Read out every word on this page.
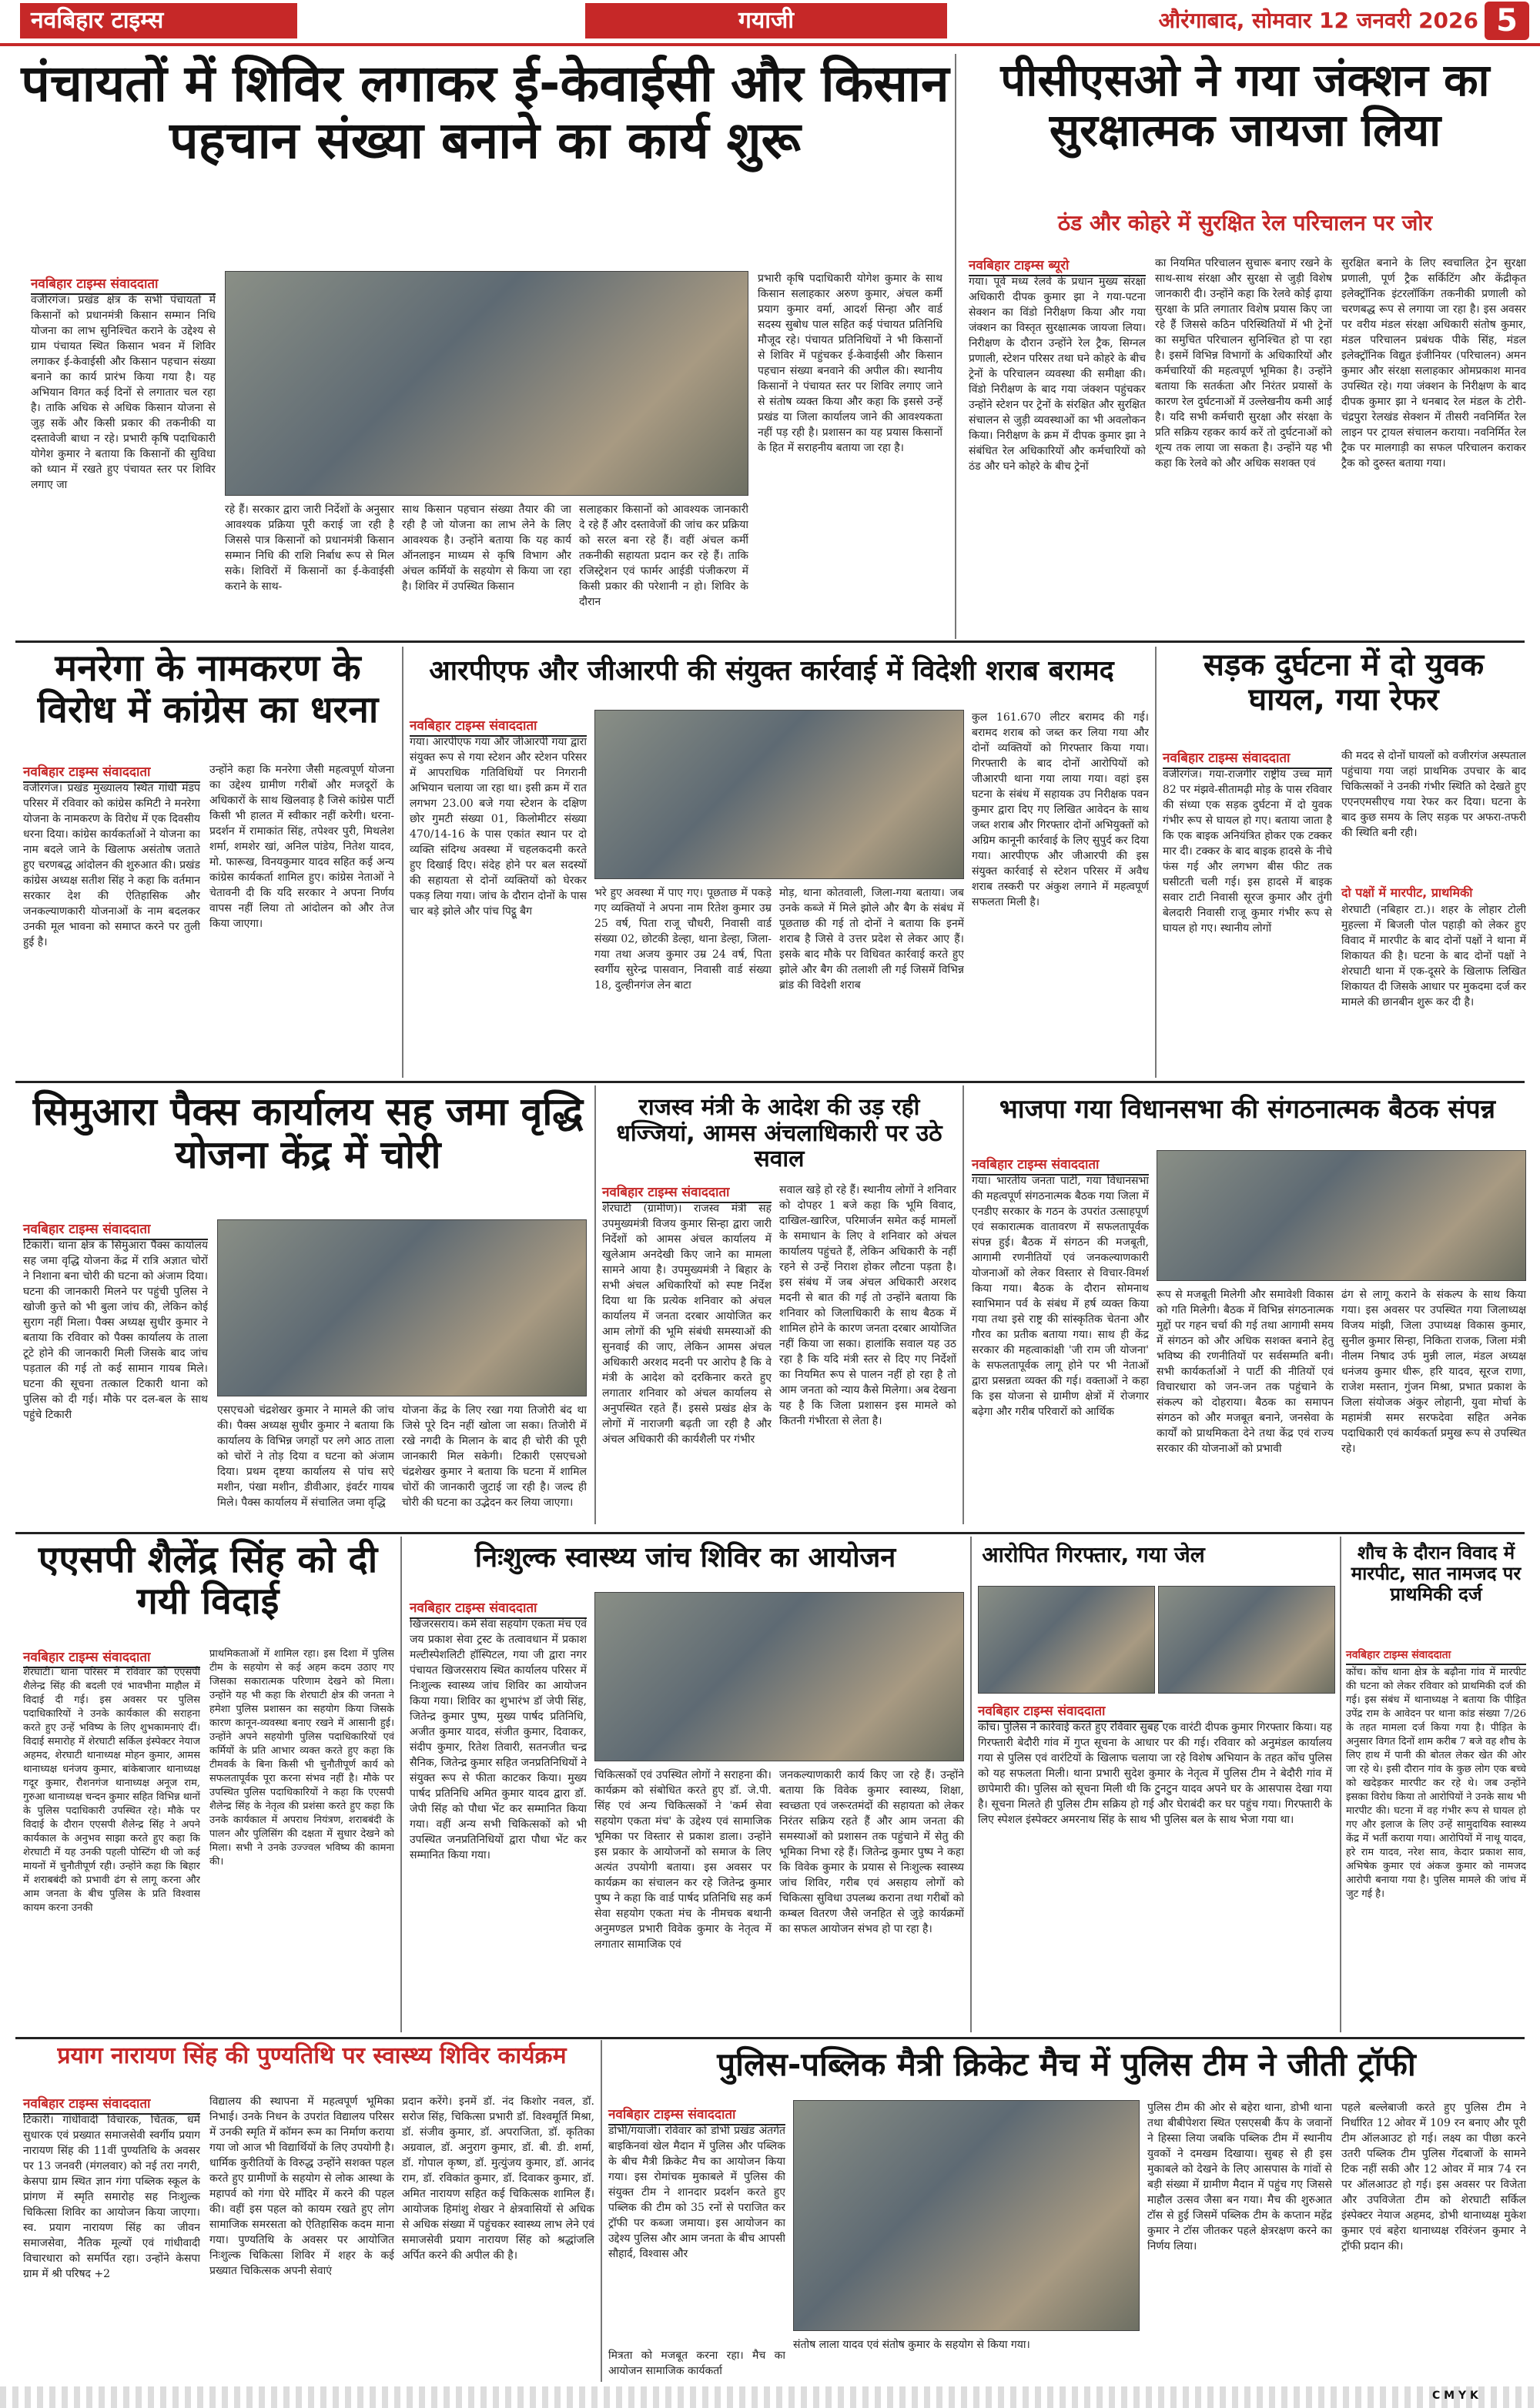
नवबिहार टाइम्स	गयाजी	औरंगाबाद, सोमवार 12 जनवरी 2026 5
पंचायतों में शिविर लगाकर ई-केवाईसी और किसान पहचान संख्या बनाने का कार्य शुरू
नवबिहार टाइम्स संवाददाता
वजीरगंज। प्रखंड क्षेत्र के सभी पंचायतों में किसानों को प्रधानमंत्री किसान सम्मान निधि योजना का लाभ सुनिश्चित कराने के उद्देश्य से ग्राम पंचायत स्थित किसान भवन में शिविर लगाकर ई-केवाईसी और किसान पहचान संख्या बनाने का कार्य प्रारंभ किया गया है। यह अभियान विगत कई दिनों से लगातार चल रहा है। ताकि अधिक से अधिक किसान योजना से जुड़ सकें और किसी प्रकार की तकनीकी या दस्तावेजी बाधा न रहे। प्रभारी कृषि पदाधिकारी योगेश कुमार ने बताया कि किसानों की सुविधा को ध्यान में रखते हुए पंचायत स्तर पर शिविर लगाए जा
रहे हैं। सरकार द्वारा जारी निर्देशों के अनुसार आवश्यक प्रक्रिया पूरी कराई जा रही है जिससे पात्र किसानों को प्रधानमंत्री किसान सम्मान निधि की राशि निर्बाध रूप से मिल सके। शिविरों में किसानों का ई-केवाईसी कराने के साथ-
साथ किसान पहचान संख्या तैयार की जा रही है जो योजना का लाभ लेने के लिए आवश्यक है। उन्होंने बताया कि यह कार्य ऑनलाइन माध्यम से कृषि विभाग और अंचल कर्मियों के सहयोग से किया जा रहा है। शिविर में उपस्थित किसान
सलाहकार किसानों को आवश्यक जानकारी दे रहे हैं और दस्तावेजों की जांच कर प्रक्रिया को सरल बना रहे हैं। वहीं अंचल कर्मी तकनीकी सहायता प्रदान कर रहे हैं। ताकि रजिस्ट्रेशन एवं फार्मर आईडी पंजीकरण में किसी प्रकार की परेशानी न हो। शिविर के दौरान
प्रभारी कृषि पदाधिकारी योगेश कुमार के साथ किसान सलाहकार अरुण कुमार, अंचल कर्मी प्रयाग कुमार वर्मा, आदर्श सिन्हा और वार्ड सदस्य सुबोध पाल सहित कई पंचायत प्रतिनिधि मौजूद रहे। पंचायत प्रतिनिधियों ने भी किसानों से शिविर में पहुंचकर ई-केवाईसी और किसान पहचान संख्या बनवाने की अपील की। स्थानीय किसानों ने पंचायत स्तर पर शिविर लगाए जाने से संतोष व्यक्त किया और कहा कि इससे उन्हें प्रखंड या जिला कार्यालय जाने की आवश्यकता नहीं पड़ रही है। प्रशासन का यह प्रयास किसानों के हित में सराहनीय बताया जा रहा है।
पीसीएसओ ने गया जंक्शन का सुरक्षात्मक जायजा लिया
ठंड और कोहरे में सुरक्षित रेल परिचालन पर जोर
नवबिहार टाइम्स ब्यूरो
गया। पूर्व मध्य रेलवे के प्रधान मुख्य संरक्षा अधिकारी दीपक कुमार झा ने गया-पटना सेक्शन का विंडो निरीक्षण किया और गया जंक्शन का विस्तृत सुरक्षात्मक जायजा लिया। निरीक्षण के दौरान उन्होंने रेल ट्रैक, सिग्नल प्रणाली, स्टेशन परिसर तथा घने कोहरे के बीच ट्रेनों के परिचालन व्यवस्था की समीक्षा की। विंडो निरीक्षण के बाद गया जंक्शन पहुंचकर उन्होंने स्टेशन पर ट्रेनों के संरक्षित और सुरक्षित संचालन से जुड़ी व्यवस्थाओं का भी अवलोकन किया। निरीक्षण के क्रम में दीपक कुमार झा ने संबंधित रेल अधिकारियों और कर्मचारियों को ठंड और घने कोहरे के बीच ट्रेनों
का नियमित परिचालन सुचारू बनाए रखने के साथ-साथ संरक्षा और सुरक्षा से जुड़ी विशेष जानकारी दी। उन्होंने कहा कि रेलवे कोई ढ़ाया सुरक्षा के प्रति लगातार विशेष प्रयास किए जा रहे हैं जिससे कठिन परिस्थितियों में भी ट्रेनों का समुचित परिचालन सुनिश्चित हो पा रहा है। इसमें विभिन्न विभागों के अधिकारियों और कर्मचारियों की महत्वपूर्ण भूमिका है। उन्होंने बताया कि सतर्कता और निरंतर प्रयासों के कारण रेल दुर्घटनाओं में उल्लेखनीय कमी आई है। यदि सभी कर्मचारी सुरक्षा और संरक्षा के प्रति सक्रिय रहकर कार्य करें तो दुर्घटनाओं को शून्य तक लाया जा सकता है। उन्होंने यह भी कहा कि रेलवे को और अधिक सशक्त एवं
सुरक्षित बनाने के लिए स्वचालित ट्रेन सुरक्षा प्रणाली, पूर्ण ट्रैक सर्किटिंग और केंद्रीकृत इलेक्ट्रॉनिक इंटरलॉकिंग तकनीकी प्रणाली को चरणबद्ध रूप से लगाया जा रहा है। इस अवसर पर वरीय मंडल संरक्षा अधिकारी संतोष कुमार, मंडल परिचालन प्रबंधक पीके सिंह, मंडल इलेक्ट्रॉनिक विद्युत इंजीनियर (परिचालन) अमन कुमार और संरक्षा सलाहकार ओमप्रकाश मानव उपस्थित रहे। गया जंक्शन के निरीक्षण के बाद दीपक कुमार झा ने धनबाद रेल मंडल के टोरी-चंद्रपुरा रेलखंड सेक्शन में तीसरी नवनिर्मित रेल लाइन पर ट्रायल संचालन कराया। नवनिर्मित रेल ट्रैक पर मालगाड़ी का सफल परिचालन कराकर ट्रैक को दुरुस्त बताया गया।
मनरेगा के नामकरण के विरोध में कांग्रेस का धरना
नवबिहार टाइम्स संवाददाता
वजीरगंज। प्रखंड मुख्यालय स्थित गांधी मंडप परिसर में रविवार को कांग्रेस कमिटी ने मनरेगा योजना के नामकरण के विरोध में एक दिवसीय धरना दिया। कांग्रेस कार्यकर्ताओं ने योजना का नाम बदले जाने के खिलाफ असंतोष जताते हुए चरणबद्ध आंदोलन की शुरुआत की। प्रखंड कांग्रेस अध्यक्ष सतीश सिंह ने कहा कि वर्तमान सरकार देश की ऐतिहासिक और जनकल्याणकारी योजनाओं के नाम बदलकर उनकी मूल भावना को समाप्त करने पर तुली हुई है।
उन्होंने कहा कि मनरेगा जैसी महत्वपूर्ण योजना का उद्देश्य ग्रामीण गरीबों और मजदूरों के अधिकारों के साथ खिलवाड़ है जिसे कांग्रेस पार्टी किसी भी हालत में स्वीकार नहीं करेगी। धरना-प्रदर्शन में रामाकांत सिंह, तपेश्वर पुरी, मिथलेश शर्मा, शमशेर खां, अनिल पांडेय, नितेश यादव, मो. फारूख, विनयकुमार यादव सहित कई अन्य कांग्रेस कार्यकर्ता शामिल हुए। कांग्रेस नेताओं ने चेतावनी दी कि यदि सरकार ने अपना निर्णय वापस नहीं लिया तो आंदोलन को और तेज किया जाएगा।
आरपीएफ और जीआरपी की संयुक्त कार्रवाई में विदेशी शराब बरामद
नवबिहार टाइम्स संवाददाता
गया। आरपीएफ गया और जीआरपी गया द्वारा संयुक्त रूप से गया स्टेशन और स्टेशन परिसर में आपराधिक गतिविधियों पर निगरानी अभियान चलाया जा रहा था। इसी क्रम में रात लगभग 23.00 बजे गया स्टेशन के दक्षिण छोर गुमटी संख्या 01, किलोमीटर संख्या 470/14-16 के पास एकांत स्थान पर दो व्यक्ति संदिग्ध अवस्था में चहलकदमी करते हुए दिखाई दिए। संदेह होने पर बल सदस्यों की सहायता से दोनों व्यक्तियों को घेरकर पकड़ लिया गया। जांच के दौरान दोनों के पास चार बड़े झोले और पांच पिट्ठू बैग
भरे हुए अवस्था में पाए गए। पूछताछ में पकड़े गए व्यक्तियों ने अपना नाम रितेश कुमार उम्र 25 वर्ष, पिता राजू चौधरी, निवासी वार्ड संख्या 02, छोटकी डेल्हा, थाना डेल्हा, जिला-गया तथा अजय कुमार उम्र 24 वर्ष, पिता स्वर्गीय सुरेन्द्र पासवान, निवासी वार्ड संख्या 18, दुल्हीनगंज लेन बाटा
मोड़, थाना कोतवाली, जिला-गया बताया। जब उनके कब्जे में मिले झोले और बैग के संबंध में पूछताछ की गई तो दोनों ने बताया कि इनमें शराब है जिसे वे उत्तर प्रदेश से लेकर आए हैं। इसके बाद मौके पर विधिवत कार्रवाई करते हुए झोले और बैग की तलाशी ली गई जिसमें विभिन्न ब्रांड की विदेशी शराब
कुल 161.670 लीटर बरामद की गई। बरामद शराब को जब्त कर लिया गया और दोनों व्यक्तियों को गिरफ्तार किया गया। गिरफ्तारी के बाद दोनों आरोपियों को जीआरपी थाना गया लाया गया। वहां इस घटना के संबंध में सहायक उप निरीक्षक पवन कुमार द्वारा दिए गए लिखित आवेदन के साथ जब्त शराब और गिरफ्तार दोनों अभियुक्तों को अग्रिम कानूनी कार्रवाई के लिए सुपुर्द कर दिया गया। आरपीएफ और जीआरपी की इस संयुक्त कार्रवाई से स्टेशन परिसर में अवैध शराब तस्करी पर अंकुश लगाने में महत्वपूर्ण सफलता मिली है।
सड़क दुर्घटना में दो युवक घायल, गया रेफर
नवबिहार टाइम्स संवाददाता
वजीरगंज। गया-राजगीर राष्ट्रीय उच्च मार्ग 82 पर मंझवे-सीतामढ़ी मोड़ के पास रविवार की संध्या एक सड़क दुर्घटना में दो युवक गंभीर रूप से घायल हो गए। बताया जाता है कि एक बाइक अनियंत्रित होकर एक टक्कर मार दी। टक्कर के बाद बाइक हादसे के नीचे फंस गई और लगभग बीस फीट तक घसीटती चली गई। इस हादसे में बाइक सवार टाटी निवासी सूरज कुमार और तुंगी बेलदारी निवासी राजू कुमार गंभीर रूप से घायल हो गए। स्थानीय लोगों
की मदद से दोनों घायलों को वजीरगंज अस्पताल पहुंचाया गया जहां प्राथमिक उपचार के बाद चिकित्सकों ने उनकी गंभीर स्थिति को देखते हुए एएनएमसीएच गया रेफर कर दिया। घटना के बाद कुछ समय के लिए सड़क पर अफरा-तफरी की स्थिति बनी रही।
दो पक्षों में मारपीट, प्राथमिकी
शेरघाटी (नबिहार टा.)। शहर के लोहार टोली मुहल्ला में बिजली पोल पहाड़ी को लेकर हुए विवाद में मारपीट के बाद दोनों पक्षों ने थाना में शिकायत की है। घटना के बाद दोनों पक्षों ने शेरघाटी थाना में एक-दूसरे के खिलाफ लिखित शिकायत दी जिसके आधार पर मुकदमा दर्ज कर मामले की छानबीन शुरू कर दी है।
सिमुआरा पैक्स कार्यालय सह जमा वृद्धि योजना केंद्र में चोरी
नवबिहार टाइम्स संवाददाता
टिकारी। थाना क्षेत्र के सिमुआरा पैक्स कार्यालय सह जमा वृद्धि योजना केंद्र में रात्रि अज्ञात चोरों ने निशाना बना चोरी की घटना को अंजाम दिया। घटना की जानकारी मिलने पर पहुंची पुलिस ने खोजी कुत्ते को भी बुला जांच की, लेकिन कोई सुराग नहीं मिला। पैक्स अध्यक्ष सुधीर कुमार ने बताया कि रविवार को पैक्स कार्यालय के ताला टूटे होने की जानकारी मिली जिसके बाद जांच पड़ताल की गई तो कई सामान गायब मिले। घटना की सूचना तत्काल टिकारी थाना को पुलिस को दी गई। मौके पर दल-बल के साथ पहुंचे टिकारी	एसएचओ चंद्रशेखर कुमार ने मामले की जांच की। पैक्स अध्यक्ष सुधीर कुमार ने बताया कि कार्यालय के विभिन्न जगहों पर लगे आठ ताला को चोरों ने तोड़ दिया व घटना को अंजाम दिया। प्रथम दृष्टया कार्यालय से पांच सऐ मशीन, पंखा मशीन, डीवीआर, इंवर्टर गायब मिले। पैक्स कार्यालय में संचालित जमा वृद्धि
योजना केंद्र के लिए रखा गया तिजोरी बंद था जिसे पूरे दिन नहीं खोला जा सका। तिजोरी में रखे नगदी के मिलान के बाद ही चोरी की पूरी जानकारी मिल सकेगी। टिकारी एसएचओ चंद्रशेखर कुमार ने बताया कि घटना में शामिल चोरों की जानकारी जुटाई जा रही है। जल्द ही चोरी की घटना का उद्भेदन कर लिया जाएगा।
राजस्व मंत्री के आदेश की उड़ रही धज्जियां, आमस अंचलाधिकारी पर उठे सवाल
नवबिहार टाइम्स संवाददाता
शेरघाटी (ग्रामीण)। राजस्व मंत्री सह उपमुख्यमंत्री विजय कुमार सिन्हा द्वारा जारी निर्देशों को आमस अंचल कार्यालय में खुलेआम अनदेखी किए जाने का मामला सामने आया है। उपमुख्यमंत्री ने बिहार के सभी अंचल अधिकारियों को स्पष्ट निर्देश दिया था कि प्रत्येक शनिवार को अंचल कार्यालय में जनता दरबार आयोजित कर आम लोगों की भूमि संबंधी समस्याओं की सुनवाई की जाए, लेकिन आमस अंचल अधिकारी अरशद मदनी पर आरोप है कि वे मंत्री के आदेश को दरकिनार करते हुए लगातार शनिवार को अंचल कार्यालय से अनुपस्थित रहते हैं। इससे प्रखंड क्षेत्र के लोगों में नाराजगी बढ़ती जा रही है और अंचल अधिकारी की कार्यशैली पर गंभीर
सवाल खड़े हो रहे हैं। स्थानीय लोगों ने शनिवार को दोपहर 1 बजे कहा कि भूमि विवाद, दाखिल-खारिज, परिमार्जन समेत कई मामलों के समाधान के लिए वे शनिवार को अंचल कार्यालय पहुंचते हैं, लेकिन अधिकारी के नहीं रहने से उन्हें निराश होकर लौटना पड़ता है। इस संबंध में जब अंचल अधिकारी अरशद मदनी से बात की गई तो उन्होंने बताया कि शनिवार को जिलाधिकारी के साथ बैठक में शामिल होने के कारण जनता दरबार आयोजित नहीं किया जा सका। हालांकि सवाल यह उठ रहा है कि यदि मंत्री स्तर से दिए गए निर्देशों का नियमित रूप से पालन नहीं हो रहा है तो आम जनता को न्याय कैसे मिलेगा। अब देखना यह है कि जिला प्रशासन इस मामले को कितनी गंभीरता से लेता है।
भाजपा गया विधानसभा की संगठनात्मक बैठक संपन्न
नवबिहार टाइम्स संवाददाता
गया। भारतीय जनता पार्टी, गया विधानसभा की महत्वपूर्ण संगठनात्मक बैठक गया जिला में एनडीए सरकार के गठन के उपरांत उत्साहपूर्ण एवं सकारात्मक वातावरण में सफलतापूर्वक संपन्न हुई। बैठक में संगठन की मजबूती, आगामी रणनीतियों एवं जनकल्याणकारी योजनाओं को लेकर विस्तार से विचार-विमर्श किया गया। बैठक के दौरान सोमनाथ स्वाभिमान पर्व के संबंध में हर्ष व्यक्त किया गया तथा इसे राष्ट्र की सांस्कृतिक चेतना और गौरव का प्रतीक बताया गया। साथ ही केंद्र सरकार की महत्वाकांक्षी 'जी राम जी योजना' के सफलतापूर्वक लागू होने पर भी नेताओं द्वारा प्रसन्नता व्यक्त की गई। वक्ताओं ने कहा कि इस योजना से ग्रामीण क्षेत्रों में रोजगार बढ़ेगा और गरीब परिवारों को आर्थिक
रूप से मजबूती मिलेगी और समावेशी विकास को गति मिलेगी। बैठक में विभिन्न संगठनात्मक मुद्दों पर गहन चर्चा की गई तथा आगामी समय में संगठन को और अधिक सशक्त बनाने हेतु भविष्य की रणनीतियों पर सर्वसम्मति बनी। सभी कार्यकर्ताओं ने पार्टी की नीतियों एवं विचारधारा को जन-जन तक पहुंचाने के संकल्प को दोहराया। बैठक का समापन संगठन को और मजबूत बनाने, जनसेवा के कार्यों को प्राथमिकता देने तथा केंद्र एवं राज्य सरकार की योजनाओं को प्रभावी
ढंग से लागू कराने के संकल्प के साथ किया गया। इस अवसर पर उपस्थित गया जिलाध्यक्ष विजय मांझी, जिला उपाध्यक्ष विकास कुमार, सुनील कुमार सिन्हा, निकिता राजक, जिला मंत्री नीलम निषाद उर्फ मुन्नी लाल, मंडल अध्यक्ष धनंजय कुमार धीरू, हरि यादव, सूरज राणा, राजेश मस्तान, गुंजन मिश्रा, प्रभात प्रकाश के जिला संयोजक अंकुर लोहानी, युवा मोर्चा के महामंत्री समर सरफदेवा सहित अनेक पदाधिकारी एवं कार्यकर्ता प्रमुख रूप से उपस्थित रहे।
एएसपी शैलेंद्र सिंह को दी गयी विदाई
नवबिहार टाइम्स संवाददाता
शेरघाटी। थाना परिसर में रविवार को एएसपी शैलेन्द्र सिंह की बदली एवं भावभीना माहौल में विदाई दी गई। इस अवसर पर पुलिस पदाधिकारियों ने उनके कार्यकाल की सराहना करते हुए उन्हें भविष्य के लिए शुभकामनाएं दीं। विदाई समारोह में शेरघाटी सर्किल इंस्पेक्टर नेयाज अहमद, शेरघाटी थानाध्यक्ष मोहन कुमार, आमस थानाध्यक्ष धनंजय कुमार, बांकेबाजार थानाध्यक्ष गदूर कुमार, रौशनगंज थानाध्यक्ष अनूज राम, गुरुआ थानाध्यक्ष चन्दन कुमार सहित विभिन्न थानों के पुलिस पदाधिकारी उपस्थित रहे। मौके पर विदाई के दौरान एएसपी शैलेन्द्र सिंह ने अपने कार्यकाल के अनुभव साझा करते हुए कहा कि शेरघाटी में यह उनकी पहली पोस्टिंग थी जो कई मायनों में चुनौतीपूर्ण रही। उन्होंने कहा कि बिहार में शराबबंदी को प्रभावी ढंग से लागू करना और आम जनता के बीच पुलिस के प्रति विश्वास कायम करना उनकी
प्राथमिकताओं में शामिल रहा। इस दिशा में पुलिस टीम के सहयोग से कई अहम कदम उठाए गए जिसका सकारात्मक परिणाम देखने को मिला। उन्होंने यह भी कहा कि शेरघाटी क्षेत्र की जनता ने हमेशा पुलिस प्रशासन का सहयोग किया जिसके कारण कानून-व्यवस्था बनाए रखने में आसानी हुई। उन्होंने अपने सहयोगी पुलिस पदाधिकारियों एवं कर्मियों के प्रति आभार व्यक्त करते हुए कहा कि टीमवर्क के बिना किसी भी चुनौतीपूर्ण कार्य को सफलतापूर्वक पूरा करना संभव नहीं है। मौके पर उपस्थित पुलिस पदाधिकारियों ने कहा कि एएसपी शैलेन्द्र सिंह के नेतृत्व की प्रशंसा करते हुए कहा कि उनके कार्यकाल में अपराध नियंत्रण, शराबबंदी के पालन और पुलिसिंग की दक्षता में सुधार देखने को मिला। सभी ने उनके उज्ज्वल भविष्य की कामना की।
निःशुल्क स्वास्थ्य जांच शिविर का आयोजन
नवबिहार टाइम्स संवाददाता
खिजरसराय। कर्म सेवा सहयोग एकता मंच एवं जय प्रकाश सेवा ट्रस्ट के तत्वावधान में प्रकाश मल्टीस्पेशलिटी हॉस्पिटल, गया जी द्वारा नगर पंचायत खिजरसराय स्थित कार्यालय परिसर में निःशुल्क स्वास्थ्य जांच शिविर का आयोजन किया गया। शिविर का शुभारंभ डॉ जेपी सिंह, जितेन्द्र कुमार पुष्प, मुख्य पार्षद प्रतिनिधि, अजीत कुमार यादव, संजीत कुमार, दिवाकर, संदीप कुमार, रितेश तिवारी, सतनजीत चन्द्र सैनिक, जितेन्द्र कुमार सहित जनप्रतिनिधियों ने संयुक्त रूप से फीता काटकर किया। मुख्य पार्षद प्रतिनिधि अमित कुमार यादव द्वारा डॉ. जेपी सिंह को पौधा भेंट कर सम्मानित किया गया। वहीं अन्य सभी चिकित्सकों को भी उपस्थित जनप्रतिनिधियों द्वारा पौधा भेंट कर सम्मानित किया गया।
चिकित्सकों एवं उपस्थित लोगों ने सराहना की। कार्यक्रम को संबोधित करते हुए डॉ. जे.पी. सिंह एवं अन्य चिकित्सकों ने 'कर्म सेवा सहयोग एकता मंच' के उद्देश्य एवं सामाजिक भूमिका पर विस्तार से प्रकाश डाला। उन्होंने इस प्रकार के आयोजनों को समाज के लिए अत्यंत उपयोगी बताया। इस अवसर पर कार्यक्रम का संचालन कर रहे जितेन्द्र कुमार पुष्प ने कहा कि वार्ड पार्षद प्रतिनिधि सह कर्म सेवा सहयोग एकता मंच के नीमचक बथानी अनुमण्डल प्रभारी विवेक कुमार के नेतृत्व में लगातार सामाजिक एवं
जनकल्याणकारी कार्य किए जा रहे हैं। उन्होंने बताया कि विवेक कुमार स्वास्थ्य, शिक्षा, स्वच्छता एवं जरूरतमंदों की सहायता को लेकर निरंतर सक्रिय रहते हैं और आम जनता की समस्याओं को प्रशासन तक पहुंचाने में सेतु की भूमिका निभा रहे हैं। जितेन्द्र कुमार पुष्प ने कहा कि विवेक कुमार के प्रयास से निःशुल्क स्वास्थ्य जांच शिविर, गरीब एवं असहाय लोगों को चिकित्सा सुविधा उपलब्ध कराना तथा गरीबों को कम्बल वितरण जैसे जनहित से जुड़े कार्यक्रमों का सफल आयोजन संभव हो पा रहा है।
आरोपित गिरफ्तार, गया जेल
नवबिहार टाइम्स संवाददाता
कोंच। पुलिस ने कार्रवाई करते हुए रविवार सुबह एक वारंटी दीपक कुमार गिरफ्तार किया। यह गिरफ्तारी बेदौरी गांव में गुप्त सूचना के आधार पर की गई। रविवार को अनुमंडल कार्यालय गया से पुलिस एवं वारंटियों के खिलाफ चलाया जा रहे विशेष अभियान के तहत कोंच पुलिस को यह सफलता मिली। थाना प्रभारी सुदेश कुमार के नेतृत्व में पुलिस टीम ने बेदौरी गांव में छापेमारी की। पुलिस को सूचना मिली थी कि टुनटुन यादव अपने घर के आसपास देखा गया है। सूचना मिलते ही पुलिस टीम सक्रिय हो गई और घेराबंदी कर घर पहुंच गया। गिरफ्तारी के लिए स्पेशल इंस्पेक्टर अमरनाथ सिंह के साथ भी पुलिस बल के साथ भेजा गया था।
शौच के दौरान विवाद में मारपीट, सात नामजद पर प्राथमिकी दर्ज
नवबिहार टाइम्स संवाददाता
कोंच। कोंच थाना क्षेत्र के बढ़ौना गांव में मारपीट की घटना को लेकर रविवार को प्राथमिकी दर्ज की गई। इस संबंध में थानाध्यक्ष ने बताया कि पीड़ित उपेंद्र राम के आवेदन पर थाना कांड संख्या 7/26 के तहत मामला दर्ज किया गया है। पीड़ित के अनुसार विगत दिनों शाम करीब 7 बजे वह शौच के लिए हाथ में पानी की बोतल लेकर खेत की ओर जा रहे थे। इसी दौरान गांव के कुछ लोग एक बच्चे को खदेड़कर मारपीट कर रहे थे। जब उन्होंने इसका विरोध किया तो आरोपियों ने उनके साथ भी मारपीट की। घटना में वह गंभीर रूप से घायल हो गए और इलाज के लिए उन्हें सामुदायिक स्वास्थ्य केंद्र में भर्ती कराया गया। आरोपियों में नाथू यादव, हरे राम यादव, नरेश साव, केदार प्रकाश साव, अभिषेक कुमार एवं अंकज कुमार को नामजद आरोपी बनाया गया है। पुलिस मामले की जांच में जुट गई है।
प्रयाग नारायण सिंह की पुण्यतिथि पर स्वास्थ्य शिविर कार्यक्रम
नवबिहार टाइम्स संवाददाता
टिकारी। गांधीवादी विचारक, चिंतक, धर्म सुधारक एवं प्रख्यात समाजसेवी स्वर्गीय प्रयाग नारायण सिंह की 11वीं पुण्यतिथि के अवसर पर 13 जनवरी (मंगलवार) को नई तरा नगरी, केसपा ग्राम स्थित ज्ञान गंगा पब्लिक स्कूल के प्रांगण में स्मृति समारोह सह निःशुल्क चिकित्सा शिविर का आयोजन किया जाएगा। स्व. प्रयाग नारायण सिंह का जीवन समाजसेवा, नैतिक मूल्यों एवं गांधीवादी विचारधारा को समर्पित रहा। उन्होंने केसपा ग्राम में श्री परिषद +2
विद्यालय की स्थापना में महत्वपूर्ण भूमिका निभाई। उनके निधन के उपरांत विद्यालय परिसर में उनकी स्मृति में कॉमन रूम का निर्माण कराया गया जो आज भी विद्यार्थियों के लिए उपयोगी है। धार्मिक कुरीतियों के विरुद्ध उन्होंने सशक्त पहल करते हुए ग्रामीणों के सहयोग से लोक आस्था के महापर्व को गंगा घेरे माँदिर में करने की पहल की। वहीं इस पहल को कायम रखते हुए लोग सामाजिक समरसता को ऐतिहासिक कदम माना गया। पुण्यतिथि के अवसर पर आयोजित निःशुल्क चिकित्सा शिविर में शहर के कई प्रख्यात चिकित्सक अपनी सेवाएं
प्रदान करेंगे। इनमें डॉ. नंद किशोर नवल, डॉ. सरोज सिंह, चिकित्सा प्रभारी डॉ. विश्वमूर्ति मिश्रा, डॉ. संजीव कुमार, डॉ. अपराजिता, डॉ. कृतिका अग्रवाल, डॉ. अनुराग कुमार, डॉ. बी. डी. शर्मा, डॉ. गोपाल कृष्ण, डॉ. मुत्युंजय कुमार, डॉ. आनंद राम, डॉ. रविकांत कुमार, डॉ. दिवाकर कुमार, डॉ. अमित नारायण सहित कई चिकित्सक शामिल हैं। आयोजक हिमांशु शेखर ने क्षेत्रवासियों से अधिक से अधिक संख्या में पहुंचकर स्वास्थ्य लाभ लेने एवं समाजसेवी प्रयाग नारायण सिंह को श्रद्धांजलि अर्पित करने की अपील की है।
पुलिस-पब्लिक मैत्री क्रिकेट मैच में पुलिस टीम ने जीती ट्रॉफी
नवबिहार टाइम्स संवाददाता
डोभी/गयाजी। रविवार को डोभी प्रखंड अंतर्गत बाइकिनवां खेल मैदान में पुलिस और पब्लिक के बीच मैत्री क्रिकेट मैच का आयोजन किया गया। इस रोमांचक मुकाबले में पुलिस की संयुक्त टीम ने शानदार प्रदर्शन करते हुए पब्लिक की टीम को 35 रनों से पराजित कर ट्रॉफी पर कब्जा जमाया। इस आयोजन का उद्देश्य पुलिस और आम जनता के बीच आपसी सौहार्द, विश्वास और
मित्रता को मजबूत करना रहा। मैच का आयोजन सामाजिक कार्यकर्ता
संतोष लाला यादव एवं संतोष कुमार के सहयोग से किया गया।
पुलिस टीम की ओर से बहेरा थाना, डोभी थाना तथा बीबीपेशरा स्थित एसएसबी कैंप के जवानों ने हिस्सा लिया जबकि पब्लिक टीम में स्थानीय युवकों ने दमखम दिखाया। सुबह से ही इस मुकाबले को देखने के लिए आसपास के गांवों से बड़ी संख्या में ग्रामीण मैदान में पहुंच गए जिससे माहौल उत्सव जैसा बन गया। मैच की शुरुआत टॉस से हुई जिसमें पब्लिक टीम के कप्तान महेंद्र कुमार ने टॉस जीतकर पहले क्षेत्ररक्षण करने का निर्णय लिया।
पहले बल्लेबाजी करते हुए पुलिस टीम ने निर्धारित 12 ओवर में 109 रन बनाए और पूरी टीम ऑलआउट हो गई। लक्ष्य का पीछा करने उतरी पब्लिक टीम पुलिस गेंदबाजों के सामने टिक नहीं सकी और 12 ओवर में मात्र 74 रन पर ऑलआउट हो गई। इस अवसर पर विजेता और उपविजेता टीम को शेरघाटी सर्किल इंस्पेक्टर नेयाज अहमद, डोभी थानाध्यक्ष मुकेश कुमार एवं बहेरा थानाध्यक्ष रविरंजन कुमार ने ट्रॉफी प्रदान की।
C M Y K
